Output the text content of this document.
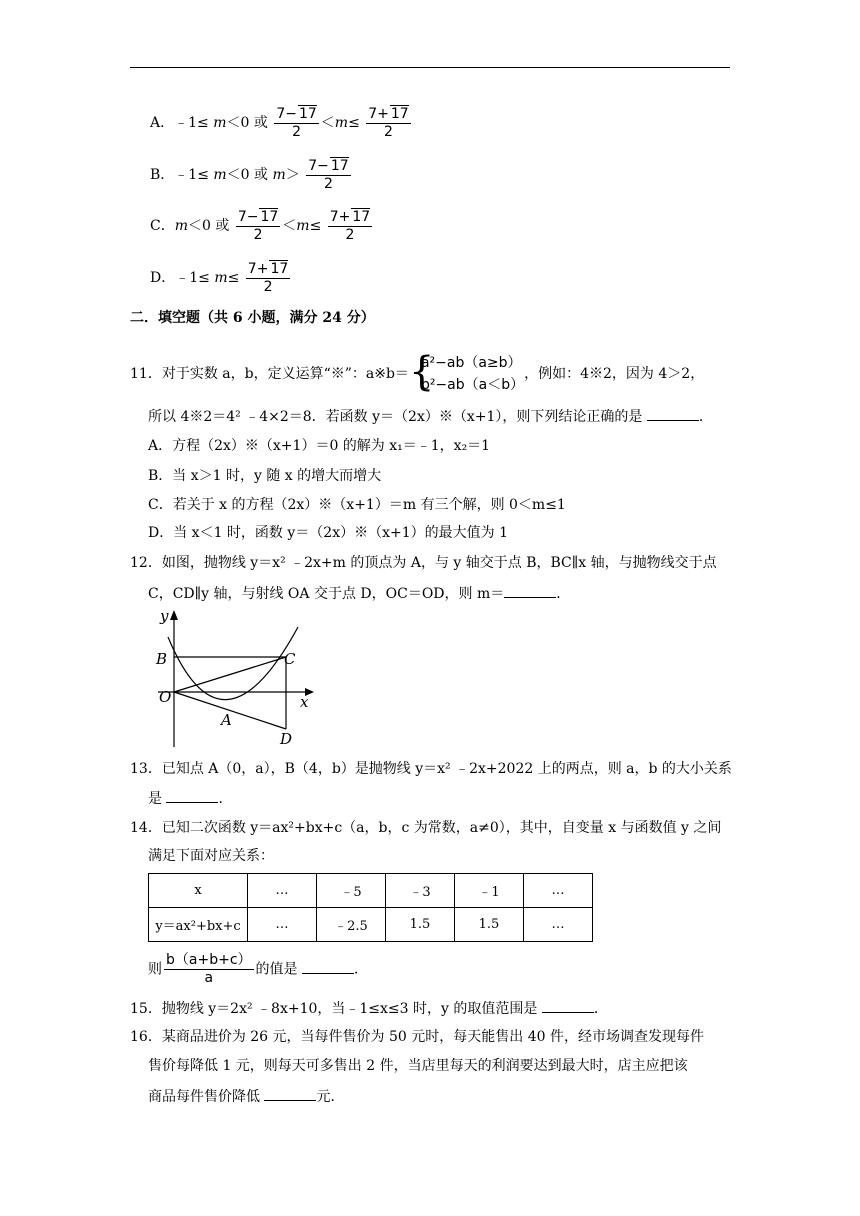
A．﹣1≤ m＜0 或 $\frac{7- 17}{2} <m\le \frac{7+ 17}{2}$
B．﹣1≤ m＜0 或 $m> \frac{7- 17}{2}$
C．m＜0 或 $\frac{7- 17}{2} <m\le \frac{7+ 17}{2}$
D．﹣1≤ $m\le \frac{7+ 17}{2}$
二．填空题（共 6 小题，满分 24 分）
11．对于实数 a，b，定义运算“※”：a※b＝ {
a²−ab（a≥b）
b²−ab（a＜b）
，例如：4※2，因为 4＞2，
所以 4※2＝4² ﹣4×2＝8．若函数 y＝（2x）※（x+1），则下列结论正确的是	．
A．方程（2x）※（x+1）＝0 的解为 x₁＝﹣1，x₂＝1
B．当 x＞1 时，y 随 x 的增大而增大
C．若关于 x 的方程（2x）※（x+1）＝m 有三个解，则 0＜m≤1
D．当 x＜1 时，函数 y＝（2x）※（x+1）的最大值为 1
12．如图，抛物线 y＝x² ﹣2x+m 的顶点为 A，与 y 轴交于点 B，BC∥x 轴，与抛物线交于点
C，CD∥y 轴，与射线 OA 交于点 D，OC＝OD，则 m＝	．
y
x
B	C
O
A
D
13．已知点 A（0，a），B（4，b）是抛物线 y＝x² ﹣2x+2022 上的两点，则 a，b 的大小关系
是	．
14．已知二次函数 y＝ax²+bx+c（a，b，c 为常数，a≠0），其中，自变量 x 与函数值 y 之间
满足下面对应关系：
x	…	﹣5	﹣3	﹣1	…
y＝ax²+bx+c	…	﹣2.5	1.5	1.5	…
则 $\frac{b(a+b+c)}{a}$ 的值是	．
15．抛物线 y＝2x² ﹣8x+10，当﹣1≤x≤3 时，y 的取值范围是	．
16．某商品进价为 26 元，当每件售价为 50 元时，每天能售出 40 件，经市场调查发现每件
售价每降低 1 元，则每天可多售出 2 件，当店里每天的利润要达到最大时，店主应把该
商品每件售价降低	元．
